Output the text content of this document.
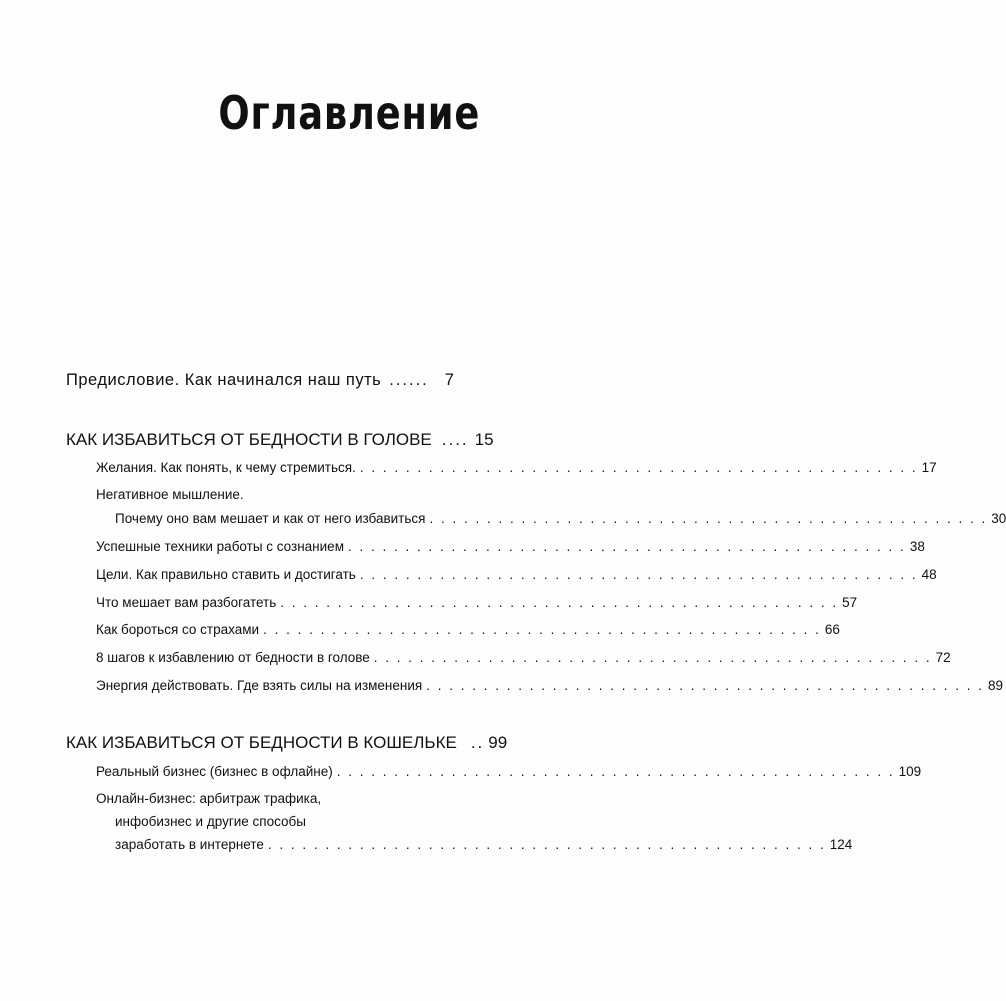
Оглавление
Предисловие. Как начинался наш путь ...... 7
КАК ИЗБАВИТЬСЯ ОТ БЕДНОСТИ В ГОЛОВЕ .... 15
Желания. Как понять, к чему стремиться. . . . . . . . . . . . . . . . . . . . . . . . . . . . . . . . . . . . . . . . . . . . . . . . . . 17
Негативное мышление.
Почему оно вам мешает и как от него избавиться . . . . . . . . . . . . . . . . . . . . . . . . . . . . . . . . . . . . . . . . . . . . . . . . . 30
Успешные техники работы с сознанием . . . . . . . . . . . . . . . . . . . . . . . . . . . . . . . . . . . . . . . . . . . . . . . . . 38
Цели. Как правильно ставить и достигать . . . . . . . . . . . . . . . . . . . . . . . . . . . . . . . . . . . . . . . . . . . . . . . . . 48
Что мешает вам разбогатеть . . . . . . . . . . . . . . . . . . . . . . . . . . . . . . . . . . . . . . . . . . . . . . . . . 57
Как бороться со страхами . . . . . . . . . . . . . . . . . . . . . . . . . . . . . . . . . . . . . . . . . . . . . . . . . 66
8 шагов к избавлению от бедности в голове . . . . . . . . . . . . . . . . . . . . . . . . . . . . . . . . . . . . . . . . . . . . . . . . . 72
Энергия действовать. Где взять силы на изменения . . . . . . . . . . . . . . . . . . . . . . . . . . . . . . . . . . . . . . . . . . . . . . . . . 89
КАК ИЗБАВИТЬСЯ ОТ БЕДНОСТИ В КОШЕЛЬКЕ .. 99
Реальный бизнес (бизнес в офлайне) . . . . . . . . . . . . . . . . . . . . . . . . . . . . . . . . . . . . . . . . . . . . . . . . . 109
Онлайн-бизнес: арбитраж трафика,
инфобизнес и другие способы
заработать в интернете . . . . . . . . . . . . . . . . . . . . . . . . . . . . . . . . . . . . . . . . . . . . . . . . . 124
